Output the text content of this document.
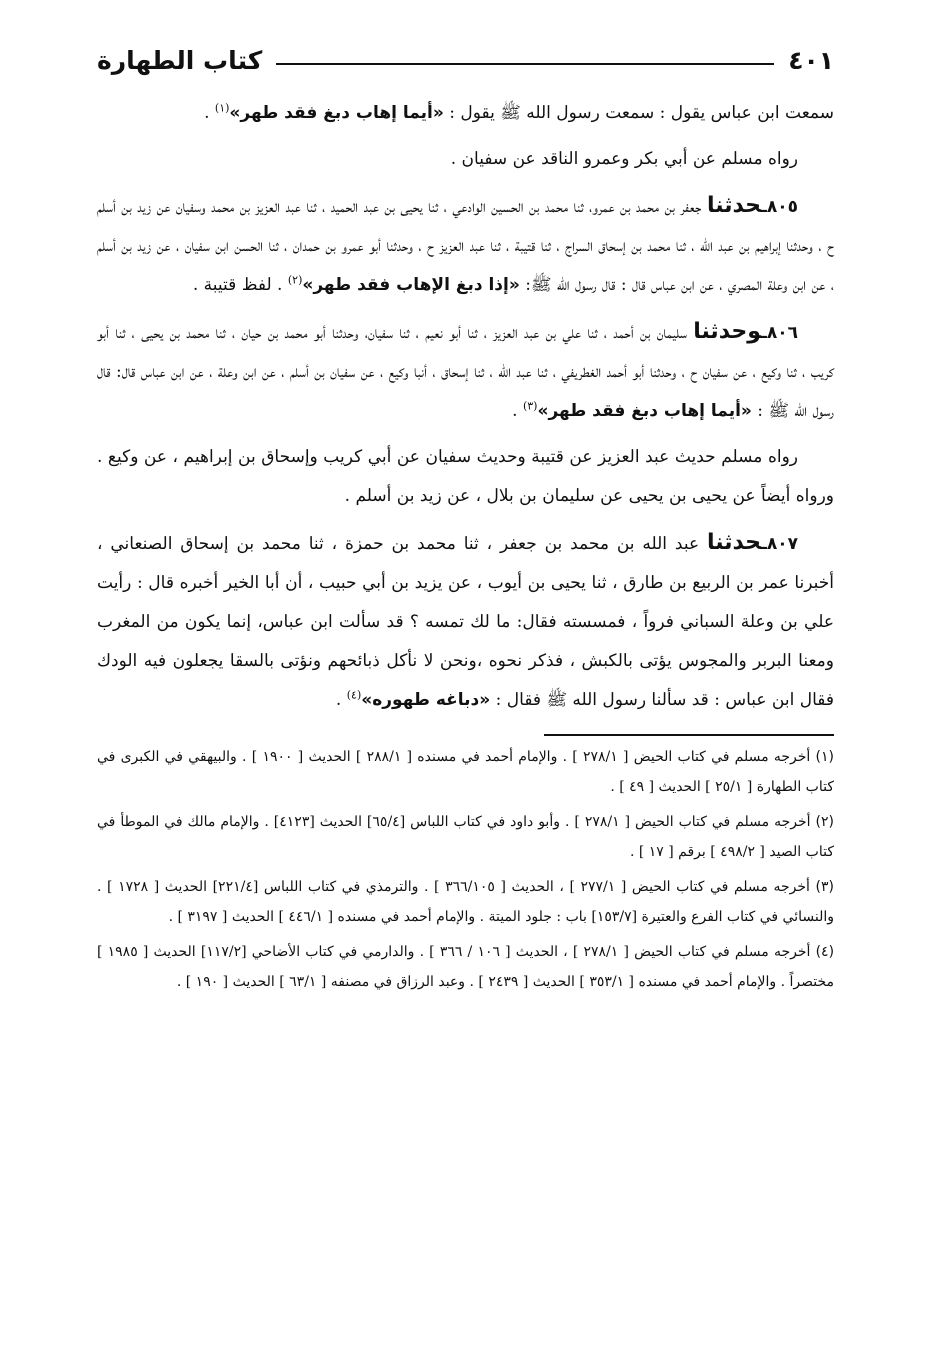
كتاب الطهارة	٤٠١

سمعت ابن عباس يقول : سمعت رسول الله ﷺ يقول : «أيما إهاب دبغ فقد طهر»$^{(١)}$ .

رواه مسلم عن أبي بكر وعمرو الناقد عن سفيان .

٨٠٥ـحدثنا جعفر بن محمد بن عمرو، ثنا محمد بن الحسين الوادعي ، ثنا يحيى بن عبد الحميد ، ثنا عبد العزيز بن محمد وسفيان عن زيد بن أسلم ح ، وحدثنا إبراهيم بن عبد الله ، ثنا محمد بن إسحاق السراج ، ثنا قتيبة ، ثنا عبد العزيز ح ، وحدثنا أبو عمرو بن حمدان ، ثنا الحسن ابن سفيان ، عن زيد بن أسلم ، عن ابن وعلة المصري ، عن ابن عباس قال : قال رسول الله ﷺ: «إذا دبغ الإهاب فقد طهر»$^{(٢)}$ . لفظ قتيبة .

٨٠٦ـوحدثنا سليمان بن أحمد ، ثنا علي بن عبد العزيز ، ثنا أبو نعيم ، ثنا سفيان، وحدثنا أبو محمد بن حيان ، ثنا محمد بن يحيى ، ثنا أبو كريب ، ثنا وكيع ، عن سفيان ح ، وحدثنا أبو أحمد الغطريفي ، ثنا عبد الله ، ثنا إسحاق ، أنبا وكيع ، عن سفيان بن أسلم ، عن ابن وعلة ، عن ابن عباس قال: قال رسول الله ﷺ : «أيما إهاب دبغ فقد طهر»$^{(٣)}$ .

رواه مسلم حديث عبد العزيز عن قتيبة وحديث سفيان عن أبي كريب وإسحاق بن إبراهيم ، عن وكيع . ورواه أيضاً عن يحيى بن يحيى عن سليمان بن بلال ، عن زيد بن أسلم .

٨٠٧ـحدثنا عبد الله بن محمد بن جعفر ، ثنا محمد بن حمزة ، ثنا محمد بن إسحاق الصنعاني ، أخبرنا عمر بن الربيع بن طارق ، ثنا يحيى بن أيوب ، عن يزيد بن أبي حبيب ، أن أبا الخير أخبره قال : رأيت علي بن وعلة السباني فرواً ، فمسسته فقال: ما لك تمسه ؟ قد سألت ابن عباس، إنما يكون من المغرب ومعنا البربر والمجوس يؤتى بالكبش ، فذكر نحوه ،ونحن لا نأكل ذبائحهم ونؤتى بالسقا يجعلون فيه الودك فقال ابن عباس : قد سألنا رسول الله ﷺ فقال : «دباغه طهوره»$^{(٤)}$ .

(١) أخرجه مسلم في كتاب الحيض [ ٢٧٨/١ ] . والإمام أحمد في مسنده [ ٢٨٨/١ ] الحديث [ ١٩٠٠ ] . والبيهقي في الكبرى في كتاب الطهارة [ ٢٥/١ ] الحديث [ ٤٩ ] .

(٢) أخرجه مسلم في كتاب الحيض [ ٢٧٨/١ ] . وأبو داود في كتاب اللباس [٦٥/٤] الحديث [٤١٢٣] . والإمام مالك في الموطأ في كتاب الصيد [ ٤٩٨/٢ ] برقم [ ١٧ ] .

(٣) أخرجه مسلم في كتاب الحيض [ ٢٧٧/١ ] ، الحديث [ ٣٦٦/١٠٥ ] . والترمذي في كتاب اللباس [٢٢١/٤] الحديث [ ١٧٢٨ ] . والنسائي في كتاب الفرع والعتيرة [١٥٣/٧] باب : جلود الميتة . والإمام أحمد في مسنده [ ٤٤٦/١ ] الحديث [ ٣١٩٧ ] .

(٤) أخرجه مسلم في كتاب الحيض [ ٢٧٨/١ ] ، الحديث [ ١٠٦ / ٣٦٦ ] . والدارمي في كتاب الأضاحي [١١٧/٢] الحديث [ ١٩٨٥ ] مختصراً . والإمام أحمد في مسنده [ ٣٥٣/١ ] الحديث [ ٢٤٣٩ ] . وعبد الرزاق في مصنفه [ ٦٣/١ ] الحديث [ ١٩٠ ] .
